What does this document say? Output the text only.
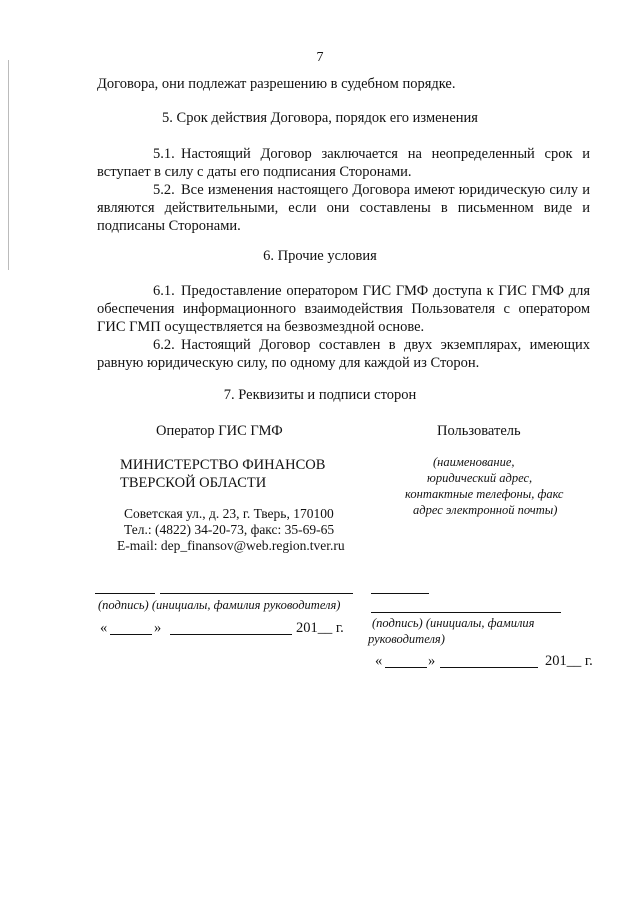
7
Договора, они подлежат разрешению в судебном порядке.
5. Срок действия Договора, порядок его изменения
5.1. Настоящий Договор заключается на неопределенный срок и вступает в силу с даты его подписания Сторонами.
5.2. Все изменения настоящего Договора имеют юридическую силу и являются действительными, если они составлены в письменном виде и подписаны Сторонами.
6. Прочие условия
6.1. Предоставление оператором ГИС ГМФ доступа к ГИС ГМФ для обеспечения информационного взаимодействия Пользователя с оператором ГИС ГМП осуществляется на безвозмездной основе.
6.2. Настоящий Договор составлен в двух экземплярах, имеющих равную юридическую силу, по одному для каждой из Сторон.
7. Реквизиты и подписи сторон
Оператор ГИС ГМФ
МИНИСТЕРСТВО ФИНАНСОВ
ТВЕРСКОЙ ОБЛАСТИ
Советская ул., д. 23, г. Тверь, 170100
Тел.: (4822) 34-20-73, факс: 35-69-65
E-mail: dep_finansov@web.region.tver.ru
Пользователь
(наименование,
юридический адрес,
контактные телефоны, факс
адрес электронной почты)
(подпись) (инициалы, фамилия руководителя)
«	»	201__ г. (подпись) (инициалы, фамилия
руководителя)
«	»	201__ г.
